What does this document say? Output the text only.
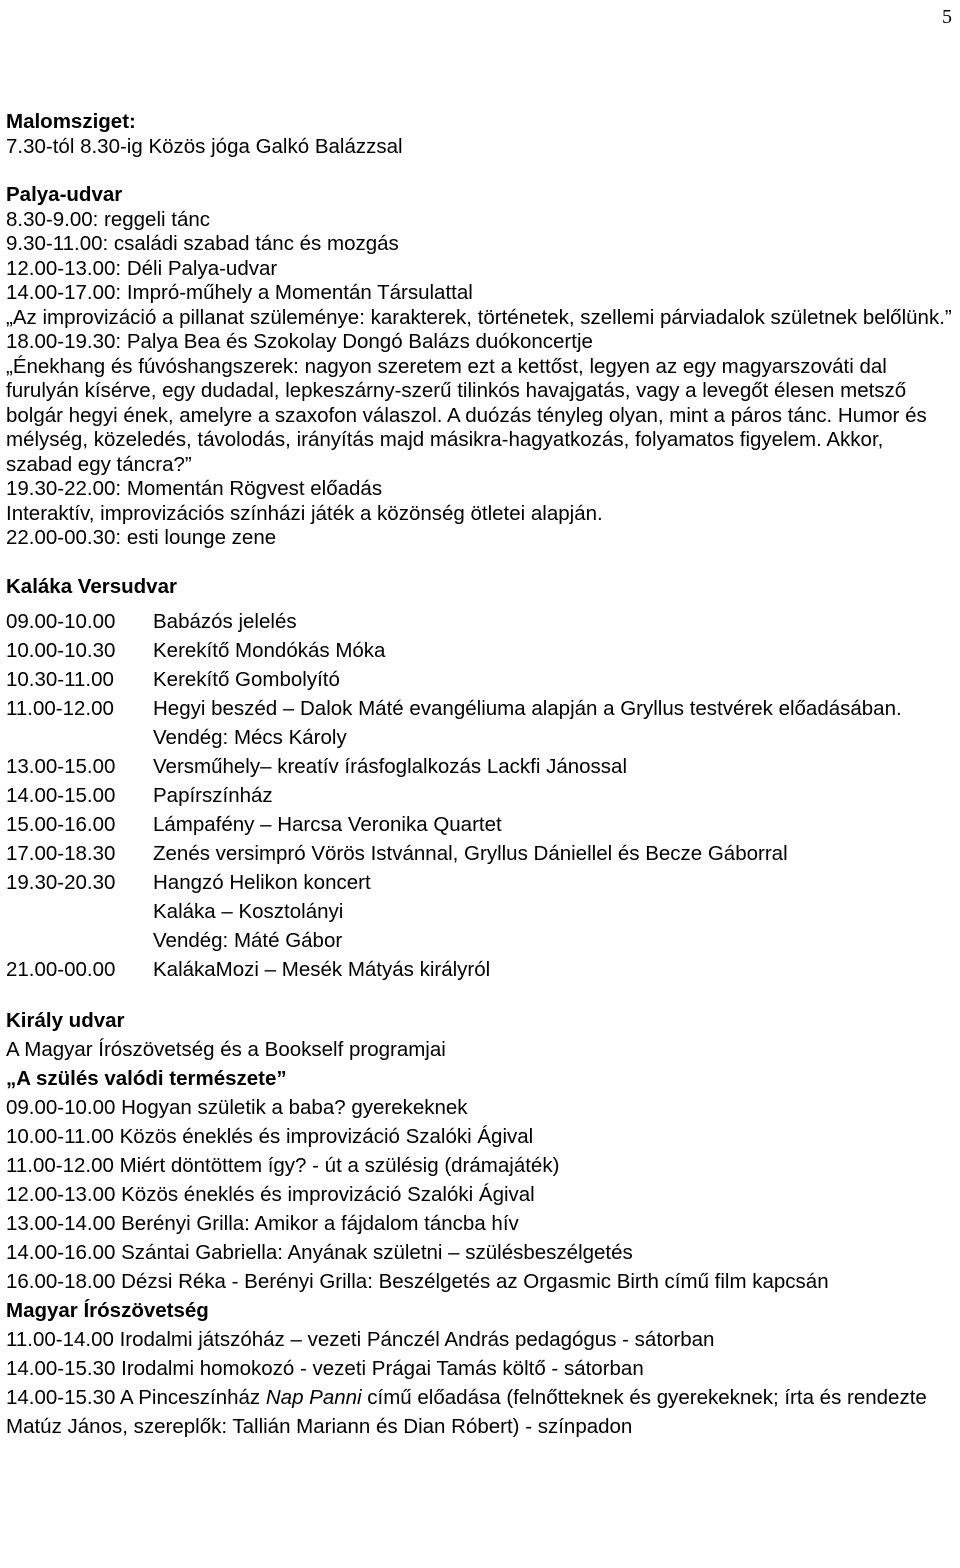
5

Malomsziget:

7.30-tól 8.30-ig Közös jóga Galkó Balázzsal

Palya-udvar

8.30-9.00: reggeli tánc

9.30-11.00: családi szabad tánc és mozgás

12.00-13.00: Déli Palya-udvar

14.00-17.00: Impró-műhely a Momentán Társulattal

„Az improvizáció a pillanat szüleménye: karakterek, történetek, szellemi párviadalok születnek belőlünk.”

18.00-19.30: Palya Bea és Szokolay Dongó Balázs duókoncertje

„Énekhang és fúvóshangszerek: nagyon szeretem ezt a kettőst, legyen az egy magyarszováti dal furulyán kísérve, egy dudadal, lepkeszárny-szerű tilinkós havajgatás, vagy a levegőt élesen metsző bolgár hegyi ének, amelyre a szaxofon válaszol. A duózás tényleg olyan, mint a páros tánc. Humor és mélység, közeledés, távolodás, irányítás majd másikra-hagyatkozás, folyamatos figyelem. Akkor, szabad egy táncra?”

19.30-22.00: Momentán Rögvest előadás

Interaktív, improvizációs színházi játék a közönség ötletei alapján.

22.00-00.30: esti lounge zene

Kaláka Versudvar

09.00-10.00	Babázós jelelés
10.00-10.30	Kerekítő Mondókás Móka
10.30-11.00	Kerekítő Gombolyító
11.00-12.00	Hegyi beszéd – Dalok Máté evangéliuma alapján a Gryllus testvérek előadásában. Vendég: Mécs Károly
13.00-15.00	Versműhely– kreatív írásfoglalkozás Lackfi Jánossal
14.00-15.00	Papírszínház
15.00-16.00	Lámpafény – Harcsa Veronika Quartet
17.00-18.30	Zenés versimpró Vörös Istvánnal, Gryllus Dániellel és Becze Gáborral
19.30-20.30	Hangzó Helikon koncert
Kaláka – Kosztolányi
Vendég: Máté Gábor
21.00-00.00	KalákaMozi – Mesék Mátyás királyról

Király udvar

A Magyar Írószövetség és a Bookself programjai

„A szülés valódi természete”

09.00-10.00 Hogyan születik a baba? gyerekeknek

10.00-11.00 Közös éneklés és improvizáció Szalóki Ágival

11.00-12.00 Miért döntöttem így? - út a szülésig (drámajáték)

12.00-13.00 Közös éneklés és improvizáció Szalóki Ágival

13.00-14.00 Berényi Grilla: Amikor a fájdalom táncba hív

14.00-16.00 Szántai Gabriella: Anyának születni – szülésbeszélgetés

16.00-18.00 Dézsi Réka - Berényi Grilla: Beszélgetés az Orgasmic Birth című film kapcsán

Magyar Írószövetség

11.00-14.00 Irodalmi játszóház – vezeti Pánczél András pedagógus - sátorban

14.00-15.30 Irodalmi homokozó - vezeti Prágai Tamás költő - sátorban

14.00-15.30 A Pinceszínház Nap Panni című előadása (felnőtteknek és gyerekeknek; írta és rendezte Matúz János, szereplők: Tallián Mariann és Dian Róbert) - színpadon
